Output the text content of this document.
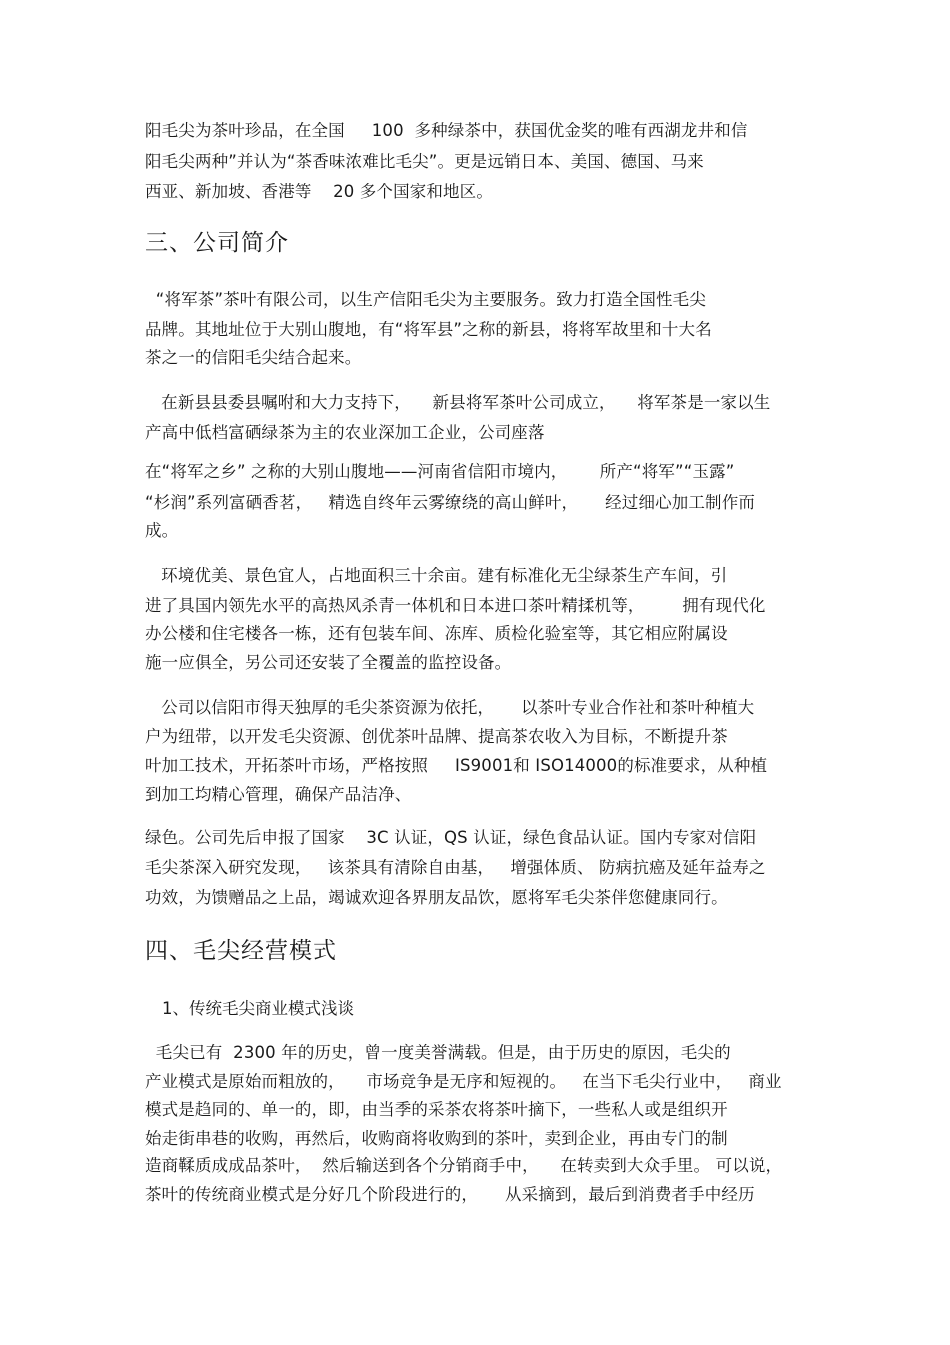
阳毛尖为茶叶珍品，在全国     100  多种绿茶中，获国优金奖的唯有西湖龙井和信

阳毛尖两种”并认为“茶香味浓难比毛尖”。更是远销日本、美国、德国、马来

西亚、新加坡、香港等    20 多个国家和地区。

三、公司简介

“将军茶”茶叶有限公司，以生产信阳毛尖为主要服务。致力打造全国性毛尖

品牌。其地址位于大别山腹地，有“将军县”之称的新县，将将军故里和十大名

茶之一的信阳毛尖结合起来。

在新县县委县嘱咐和大力支持下，    新县将军茶叶公司成立，    将军茶是一家以生

产高中低档富硒绿茶为主的农业深加工企业，公司座落

在“将军之乡” 之称的大别山腹地——河南省信阳市境内，      所产“将军”“玉露”

“杉润”系列富硒香茗，   精选自终年云雾缭绕的高山鲜叶，     经过细心加工制作而

成。

环境优美、景色宜人，占地面积三十余亩。建有标准化无尘绿茶生产车间，引

进了具国内领先水平的高热风杀青一体机和日本进口茶叶精揉机等，       拥有现代化

办公楼和住宅楼各一栋，还有包装车间、冻库、质检化验室等，其它相应附属设

施一应俱全，另公司还安装了全覆盖的监控设备。

公司以信阳市得天独厚的毛尖茶资源为依托，     以茶叶专业合作社和茶叶种植大

户为纽带，以开发毛尖资源、创优茶叶品牌、提高茶农收入为目标，不断提升茶

叶加工技术，开拓茶叶市场，严格按照     IS9001和 ISO14000的标准要求，从种植

到加工均精心管理，确保产品洁净、

绿色。公司先后申报了国家    3C 认证，QS 认证，绿色食品认证。国内专家对信阳

毛尖茶深入研究发现，   该茶具有清除自由基，   增强体质、 防病抗癌及延年益寿之

功效，为馈赠品之上品，竭诚欢迎各界朋友品饮，愿将军毛尖茶伴您健康同行。

四、毛尖经营模式

1、传统毛尖商业模式浅谈

毛尖已有  2300 年的历史，曾一度美誉满载。但是，由于历史的原因，毛尖的

产业模式是原始而粗放的，    市场竞争是无序和短视的。   在当下毛尖行业中，   商业

模式是趋同的、单一的，即，由当季的采茶农将茶叶摘下，一些私人或是组织开

始走街串巷的收购，再然后，收购商将收购到的茶叶，卖到企业，再由专门的制

造商鞣质成成品茶叶，  然后输送到各个分销商手中，    在转卖到大众手里。 可以说，

茶叶的传统商业模式是分好几个阶段进行的，     从采摘到，最后到消费者手中经历
